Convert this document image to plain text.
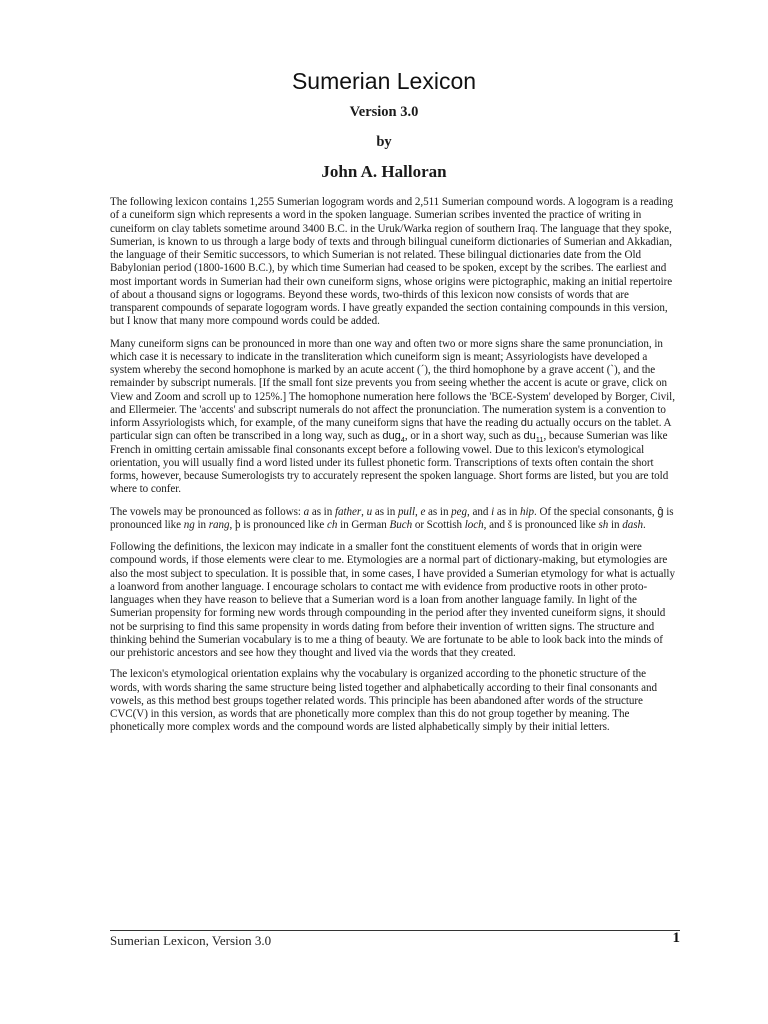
Sumerian Lexicon
Version 3.0
by
John A. Halloran

The following lexicon contains 1,255 Sumerian logogram words and 2,511 Sumerian compound words. A logogram is a reading of a cuneiform sign which represents a word in the spoken language. Sumerian scribes invented the practice of writing in cuneiform on clay tablets sometime around 3400 B.C. in the Uruk/Warka region of southern Iraq. The language that they spoke, Sumerian, is known to us through a large body of texts and through bilingual cuneiform dictionaries of Sumerian and Akkadian, the language of their Semitic successors, to which Sumerian is not related. These bilingual dictionaries date from the Old Babylonian period (1800-1600 B.C.), by which time Sumerian had ceased to be spoken, except by the scribes. The earliest and most important words in Sumerian had their own cuneiform signs, whose origins were pictographic, making an initial repertoire of about a thousand signs or logograms. Beyond these words, two-thirds of this lexicon now consists of words that are transparent compounds of separate logogram words. I have greatly expanded the section containing compounds in this version, but I know that many more compound words could be added.

Many cuneiform signs can be pronounced in more than one way and often two or more signs share the same pronunciation, in which case it is necessary to indicate in the transliteration which cuneiform sign is meant; Assyriologists have developed a system whereby the second homophone is marked by an acute accent (´), the third homophone by a grave accent (`), and the remainder by subscript numerals. [If the small font size prevents you from seeing whether the accent is acute or grave, click on View and Zoom and scroll up to 125%.] The homophone numeration here follows the 'BCE-System' developed by Borger, Civil, and Ellermeier. The 'accents' and subscript numerals do not affect the pronunciation. The numeration system is a convention to inform Assyriologists which, for example, of the many cuneiform signs that have the reading du actually occurs on the tablet. A particular sign can often be transcribed in a long way, such as dug$_4$, or in a short way, such as $du_{11}$, because Sumerian was like French in omitting certain amissable final consonants except before a following vowel. Due to this lexicon's etymological orientation, you will usually find a word listed under its fullest phonetic form. Transcriptions of texts often contain the short forms, however, because Sumerologists try to accurately represent the spoken language. Short forms are listed, but you are told where to confer.

The vowels may be pronounced as follows: a as in father, u as in pull, e as in peg, and i as in hip. Of the special consonants, ĝ is pronounced like ng in rang, þ is pronounced like ch in German Buch or Scottish loch, and š is pronounced like sh in dash.

Following the definitions, the lexicon may indicate in a smaller font the constituent elements of words that in origin were compound words, if those elements were clear to me. Etymologies are a normal part of dictionary-making, but etymologies are also the most subject to speculation. It is possible that, in some cases, I have provided a Sumerian etymology for what is actually a loanword from another language. I encourage scholars to contact me with evidence from productive roots in other proto-languages when they have reason to believe that a Sumerian word is a loan from another language family. In light of the Sumerian propensity for forming new words through compounding in the period after they invented cuneiform signs, it should not be surprising to find this same propensity in words dating from before their invention of written signs. The structure and thinking behind the Sumerian vocabulary is to me a thing of beauty. We are fortunate to be able to look back into the minds of our prehistoric ancestors and see how they thought and lived via the words that they created.

The lexicon's etymological orientation explains why the vocabulary is organized according to the phonetic structure of the words, with words sharing the same structure being listed together and alphabetically according to their final consonants and vowels, as this method best groups together related words. This principle has been abandoned after words of the structure CVC(V) in this version, as words that are phonetically more complex than this do not group together by meaning. The phonetically more complex words and the compound words are listed alphabetically simply by their initial letters.

Sumerian Lexicon, Version 3.0	1
